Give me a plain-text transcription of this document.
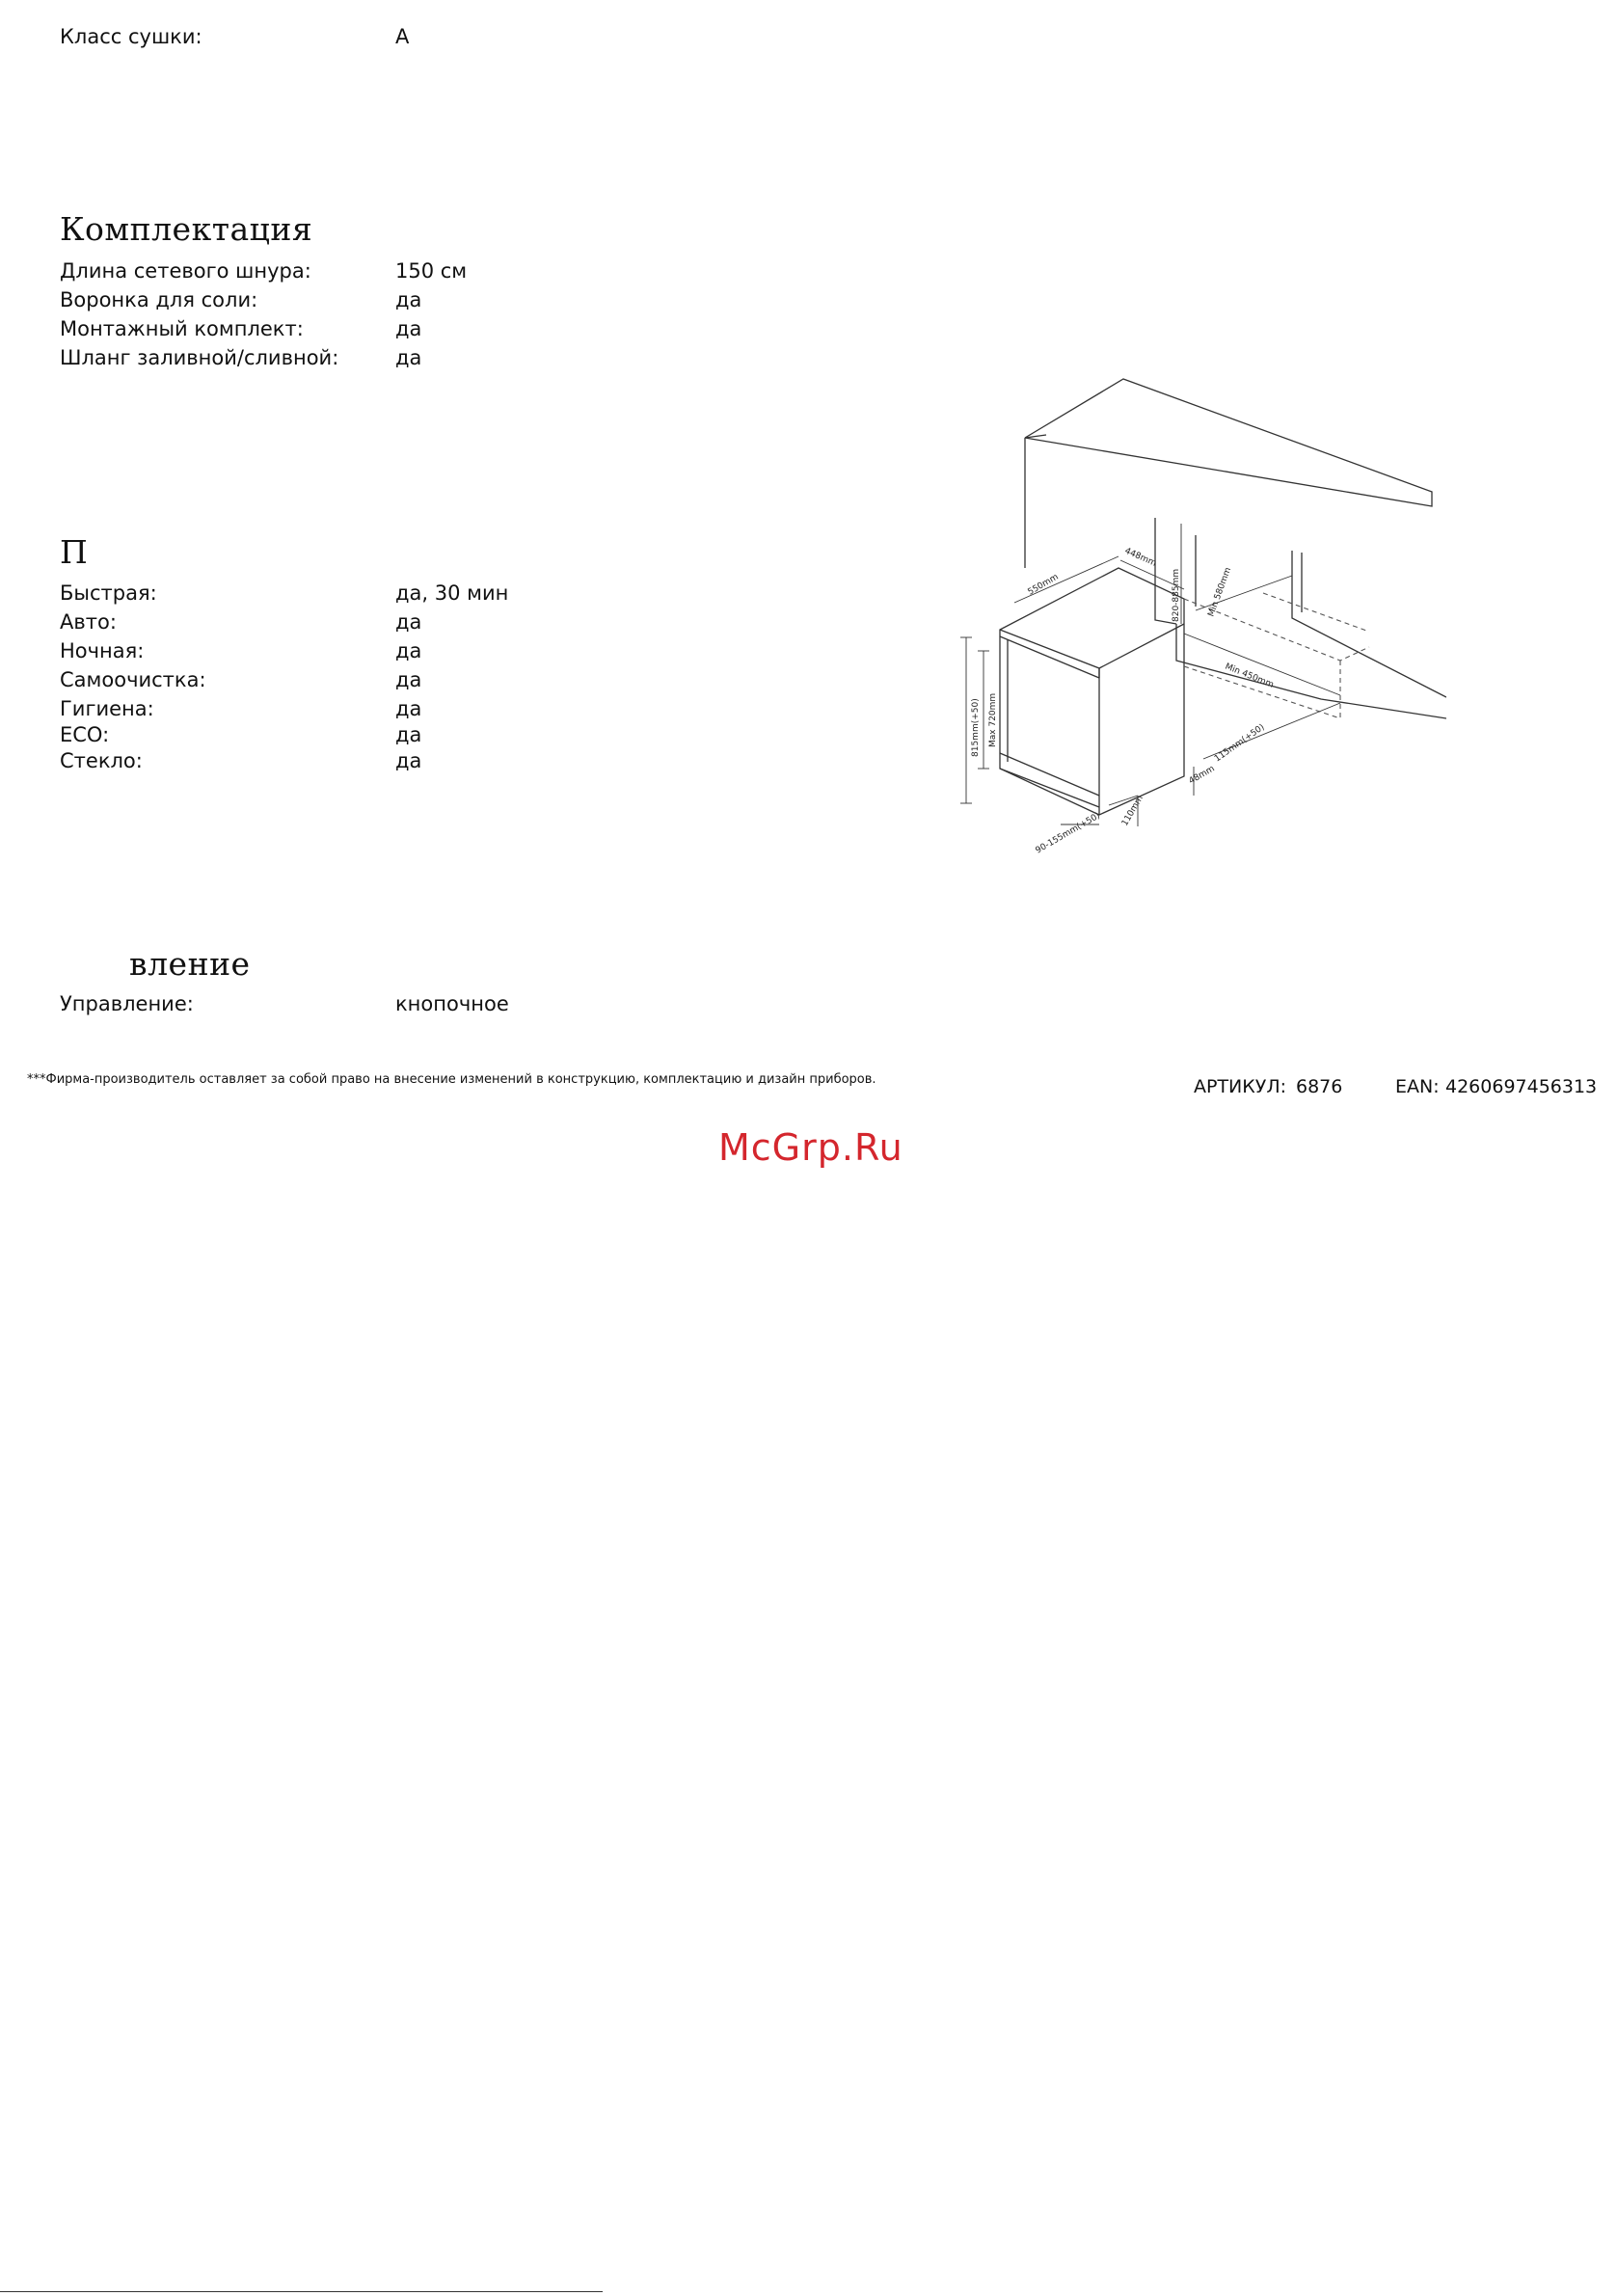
Класс сушки:	A
Комплектация
Длина сетевого шнура:	150 см
Воронка для соли:	да
Монтажный комплект:	да
Шланг заливной/сливной:	да
П
Быстрая:	да, 30 мин
Авто:	да
Ночная:	да
Самоочистка:	да
Гигиена:	да
ECO:	да
Стекло:	да
вление
Управление:	кнопочное
550mm
448mm
820-885mm	Min 580mm
Min 450mm
815mm(+50) Max 720mm	115mm(+50)
48mm
90-155mm(+50)
110mm
***Фирма-производитель оставляет за собой право на внесение изменений в конструкцию, комплектацию и дизайн приборов.	АРТИКУЛ: 6876	EAN: 4260697456313
McGrp.Ru
